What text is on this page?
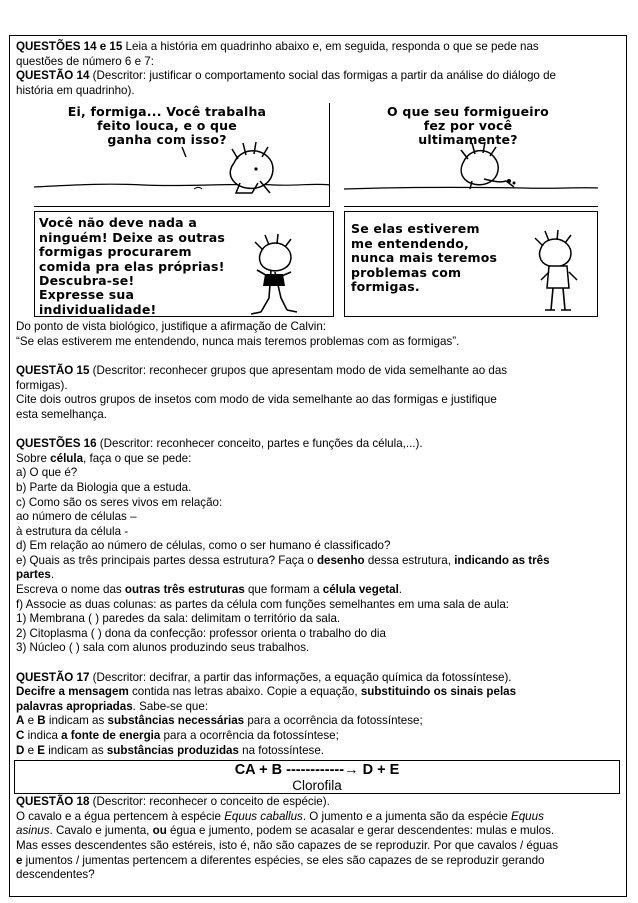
QUESTÕES 14 e 15 Leia a história em quadrinho abaixo e, em seguida, responda o que se pede nas

questões de número 6 e 7:

QUESTÃO 14 (Descritor: justificar o comportamento social das formigas a partir da análise do diálogo de

história em quadrinho).

Ei, formiga... Você trabalha
feito louca, e o que
ganha com isso?
O que seu formigueiro
fez por você
ultimamente?
Você não deve nada a
ninguém! Deixe as outras
formigas procurarem
comida pra elas próprias!
Descubra-se!
Expresse sua
individualidade!
Se elas estiverem
me entendendo,
nunca mais teremos
problemas com
formigas.

Do ponto de vista biológico, justifique a afirmação de Calvin:

“Se elas estiverem me entendendo, nunca mais teremos problemas com as formigas”.

QUESTÃO 15 (Descritor: reconhecer grupos que apresentam modo de vida semelhante ao das

formigas).

Cite dois outros grupos de insetos com modo de vida semelhante ao das formigas e justifique

esta semelhança.

QUESTÕES 16 (Descritor: reconhecer conceito, partes e funções da célula,...).

Sobre célula, faça o que se pede:

a) O que é?

b) Parte da Biologia que a estuda.

c) Como são os seres vivos em relação:

ao número de células –

à estrutura da célula -

d) Em relação ao número de células, como o ser humano é classificado?

e) Quais as três principais partes dessa estrutura? Faça o desenho dessa estrutura, indicando as três

partes.

Escreva o nome das outras três estruturas que formam a célula vegetal.

f) Associe as duas colunas: as partes da célula com funções semelhantes em uma sala de aula:

1) Membrana ( ) paredes da sala: delimitam o território da sala.

2) Citoplasma ( ) dona da confecção: professor orienta o trabalho do dia

3) Núcleo ( ) sala com alunos produzindo seus trabalhos.

QUESTÃO 17 (Descritor: decifrar, a partir das informações, a equação química da fotossíntese).

Decifre a mensagem contida nas letras abaixo. Copie a equação, substituindo os sinais pelas

palavras apropriadas. Sabe-se que:

A e B indicam as substâncias necessárias para a ocorrência da fotossíntese;

C indica a fonte de energia para a ocorrência da fotossíntese;

D e E indicam as substâncias produzidas na fotossíntese.

CA + B ------------→ D + E
Clorofila

QUESTÃO 18 (Descritor: reconhecer o conceito de espécie).

O cavalo e a égua pertencem à espécie Equus caballus. O jumento e a jumenta são da espécie Equus

asinus. Cavalo e jumenta, ou égua e jumento, podem se acasalar e gerar descendentes: mulas e mulos.

Mas esses descendentes são estéreis, isto é, não são capazes de se reproduzir. Por que cavalos / éguas

e jumentos / jumentas pertencem a diferentes espécies, se eles são capazes de se reproduzir gerando

descendentes?
